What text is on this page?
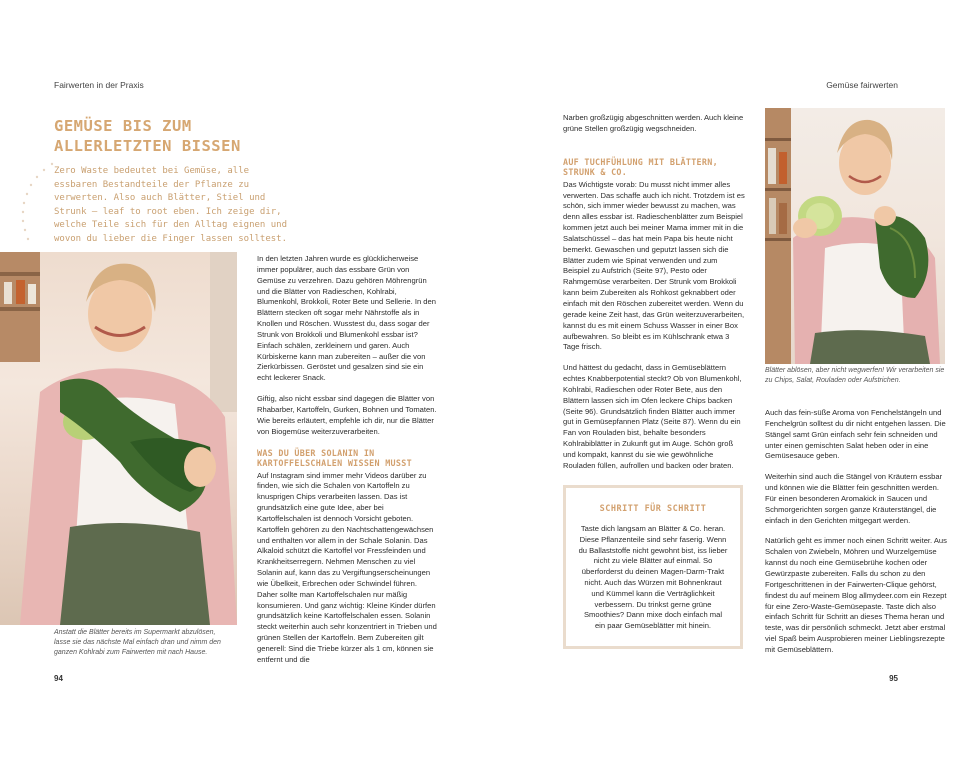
Fairwerten in der Praxis	Gemüse fairwerten
GEMÜSE BIS ZUM ALLERLETZTEN BISSEN

Zero Waste bedeutet bei Gemüse, alle essbaren Bestandteile der Pflanze zu verwerten. Also auch Blätter, Stiel und Strunk – leaf to root eben. Ich zeige dir, welche Teile sich für den Alltag eignen und wovon du lieber die Finger lassen solltest.

Anstatt die Blätter bereits im Supermarkt abzulösen, lasse sie das nächste Mal einfach dran und nimm den ganzen Kohlrabi zum Fairwerten mit nach Hause.

In den letzten Jahren wurde es glücklicherweise immer populärer, auch das essbare Grün von Gemüse zu verzehren. Dazu gehören Möhrengrün und die Blätter von Radieschen, Kohlrabi, Blumenkohl, Brokkoli, Roter Bete und Sellerie. In den Blättern stecken oft sogar mehr Nährstoffe als in Knollen und Röschen. Wusstest du, dass sogar der Strunk von Brokkoli und Blumenkohl essbar ist? Einfach schälen, zerkleinern und garen. Auch Kürbiskerne kann man zubereiten – außer die von Zierkürbissen. Geröstet und gesalzen sind sie ein echt leckerer Snack.

Giftig, also nicht essbar sind dagegen die Blätter von Rhabarber, Kartoffeln, Gurken, Bohnen und Tomaten. Wie bereits erläutert, empfehle ich dir, nur die Blätter von Biogemüse weiterzuverarbeiten.

WAS DU ÜBER SOLANIN IN KARTOFFELSCHALEN WISSEN MUSST

Auf Instagram sind immer mehr Videos darüber zu finden, wie sich die Schalen von Kartoffeln zu knusprigen Chips verarbeiten lassen. Das ist grundsätzlich eine gute Idee, aber bei Kartoffelschalen ist dennoch Vorsicht geboten.

Kartoffeln gehören zu den Nachtschattengewächsen und enthalten vor allem in der Schale Solanin. Das Alkaloid schützt die Kartoffel vor Fressfeinden und Krankheitserregern. Nehmen Menschen zu viel Solanin auf, kann das zu Vergiftungserscheinungen wie Übelkeit, Erbrechen oder Schwindel führen. Daher sollte man Kartoffelschalen nur mäßig konsumieren. Und ganz wichtig: Kleine Kinder dürfen grundsätzlich keine Kartoffelschalen essen. Solanin steckt weiterhin auch sehr konzentriert in Trieben und grünen Stellen der Kartoffeln. Bem Zubereiten gilt generell: Sind die Triebe kürzer als 1 cm, können sie entfernt und die

Narben großzügig abgeschnitten werden. Auch kleine grüne Stellen großzügig wegschneiden.

AUF TUCHFÜHLUNG MIT BLÄTTERN, STRUNK & CO.

Das Wichtigste vorab: Du musst nicht immer alles verwerten. Das schaffe auch ich nicht. Trotzdem ist es schön, sich immer wieder bewusst zu machen, was denn alles essbar ist. Radieschenblätter zum Beispiel kommen jetzt auch bei meiner Mama immer mit in die Salatschüssel – das hat mein Papa bis heute nicht bemerkt. Gewaschen und geputzt lassen sich die Blätter zudem wie Spinat verwenden und zum Beispiel zu Aufstrich (Seite 97), Pesto oder Rahmgemüse verarbeiten. Der Strunk vom Brokkoli kann beim Zubereiten als Rohkost geknabbert oder einfach mit den Röschen zubereitet werden. Wenn du gerade keine Zeit hast, das Grün weiterzuverarbeiten, kannst du es mit einem Schuss Wasser in einer Box aufbewahren. So bleibt es im Kühlschrank etwa 3 Tage frisch.

Und hättest du gedacht, dass in Gemüseblättern echtes Knabberpotential steckt? Ob von Blumenkohl, Kohlrabi, Radieschen oder Roter Bete, aus den Blättern lassen sich im Ofen leckere Chips backen (Seite 96). Grundsätzlich finden Blätter auch immer gut in Gemüsepfannen Platz (Seite 87). Wenn du ein Fan von Rouladen bist, behalte besonders Kohlrabiblätter in Zukunft gut im Auge. Schön groß und kompakt, kannst du sie wie gewöhnliche Rouladen füllen, aufrollen und backen oder braten.

SCHRITT FÜR SCHRITT

Taste dich langsam an Blätter & Co. heran. Diese Pflanzenteile sind sehr faserig. Wenn du Ballaststoffe nicht gewohnt bist, iss lieber nicht zu viele Blätter auf einmal. So überforderst du deinen Magen-Darm-Trakt nicht. Auch das Würzen mit Bohnenkraut und Kümmel kann die Verträglichkeit verbessern. Du trinkst gerne grüne Smoothies? Dann mixe doch einfach mal ein paar Gemüseblätter mit hinein.

Blätter ablösen, aber nicht wegwerfen! Wir verarbeiten sie zu Chips, Salat, Rouladen oder Aufstrichen.

Auch das fein-süße Aroma von Fenchelstängeln und Fenchelgrün solltest du dir nicht entgehen lassen. Die Stängel samt Grün einfach sehr fein schneiden und unter einen gemischten Salat heben oder in eine Gemüsesauce geben.

Weiterhin sind auch die Stängel von Kräutern essbar und können wie die Blätter fein geschnitten werden. Für einen besonderen Aromakick in Saucen und Schmorgerichten sorgen ganze Kräuterstängel, die einfach in den Gerichten mitgegart werden.

Natürlich geht es immer noch einen Schritt weiter. Aus Schalen von Zwiebeln, Möhren und Wurzelgemüse kannst du noch eine Gemüsebrühe kochen oder Gewürzpaste zubereiten. Falls du schon zu den Fortgeschrittenen in der Fairwerten-Clique gehörst, findest du auf meinem Blog allmydeer.com ein Rezept für eine Zero-Waste-Gemüsepaste. Taste dich also einfach Schritt für Schritt an dieses Thema heran und teste, was dir persönlich schmeckt. Jetzt aber erstmal viel Spaß beim Ausprobieren meiner Lieblingsrezepte mit Gemüseblättern.

94	95
